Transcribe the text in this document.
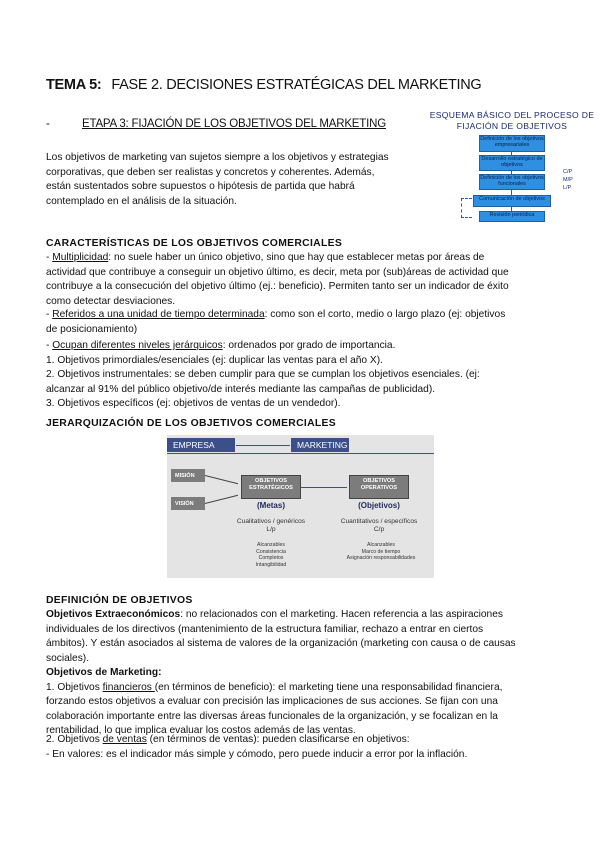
TEMA 5: FASE 2. DECISIONES ESTRATÉGICAS DEL MARKETING
-	ETAPA 3: FIJACIÓN DE LOS OBJETIVOS DEL MARKETING
Los objetivos de marketing van sujetos siempre a los objetivos y estrategias
corporativas, que deben ser realistas y concretos y coherentes. Además,
están sustentados sobre supuestos o hipótesis de partida que habrá
contemplado en el análisis de la situación.
ESQUEMA BÁSICO DEL PROCESO DE
FIJACIÓN DE OBJETIVOS
Definición de los objetivos empresariales
Desarrollo estratégico de objetivos
Definición de los objetivos funcionales
Comunicación de objetivos
Revisión periódica
C/P
M/P
L/P
CARACTERÍSTICAS DE LOS OBJETIVOS COMERCIALES
- Multiplicidad: no suele haber un único objetivo, sino que hay que establecer metas por áreas de
actividad que contribuye a conseguir un objetivo último, es decir, meta por (sub)áreas de actividad que
contribuye a la consecución del objetivo último (ej.: beneficio). Permiten tanto ser un indicador de éxito
como detectar desviaciones.
- Referidos a una unidad de tiempo determinada: como son el corto, medio o largo plazo (ej: objetivos
de posicionamiento)
- Ocupan diferentes niveles jerárquicos: ordenados por grado de importancia.
1. Objetivos primordiales/esenciales (ej: duplicar las ventas para el año X).
2. Objetivos instrumentales: se deben cumplir para que se cumplan los objetivos esenciales. (ej:
alcanzar al 91% del público objetivo/de interés mediante las campañas de publicidad).
3. Objetivos específicos (ej: objetivos de ventas de un vendedor).
JERARQUIZACIÓN DE LOS OBJETIVOS COMERCIALES
EMPRESA	MARKETING
MISIÓN
VISIÓN
OBJETIVOS ESTRATÉGICOS
OBJETIVOS OPERATIVOS
(Metas)	(Objetivos)
Cualitativos / genéricos
L/p
Cuantitativos / específicos
C/p
Alcanzables
Consistencia
Completos
Intangibilidad
Alcanzables
Marco de tiempo
Asignación responsabilidades
DEFINICIÓN DE OBJETIVOS
Objetivos Extraeconómicos: no relacionados con el marketing. Hacen referencia a las aspiraciones
individuales de los directivos (mantenimiento de la estructura familiar, rechazo a entrar en ciertos
ámbitos). Y están asociados al sistema de valores de la organización (marketing con causa o de causas
sociales).
Objetivos de Marketing:
1. Objetivos financieros (en términos de beneficio): el marketing tiene una responsabilidad financiera,
forzando estos objetivos a evaluar con precisión las implicaciones de sus acciones. Se fijan con una
colaboración importante entre las diversas áreas funcionales de la organización, y se focalizan en la
rentabilidad, lo que implica evaluar los costos además de las ventas.
2. Objetivos de ventas (en términos de ventas): pueden clasificarse en objetivos:
- En valores: es el indicador más simple y cómodo, pero puede inducir a error por la inflación.
